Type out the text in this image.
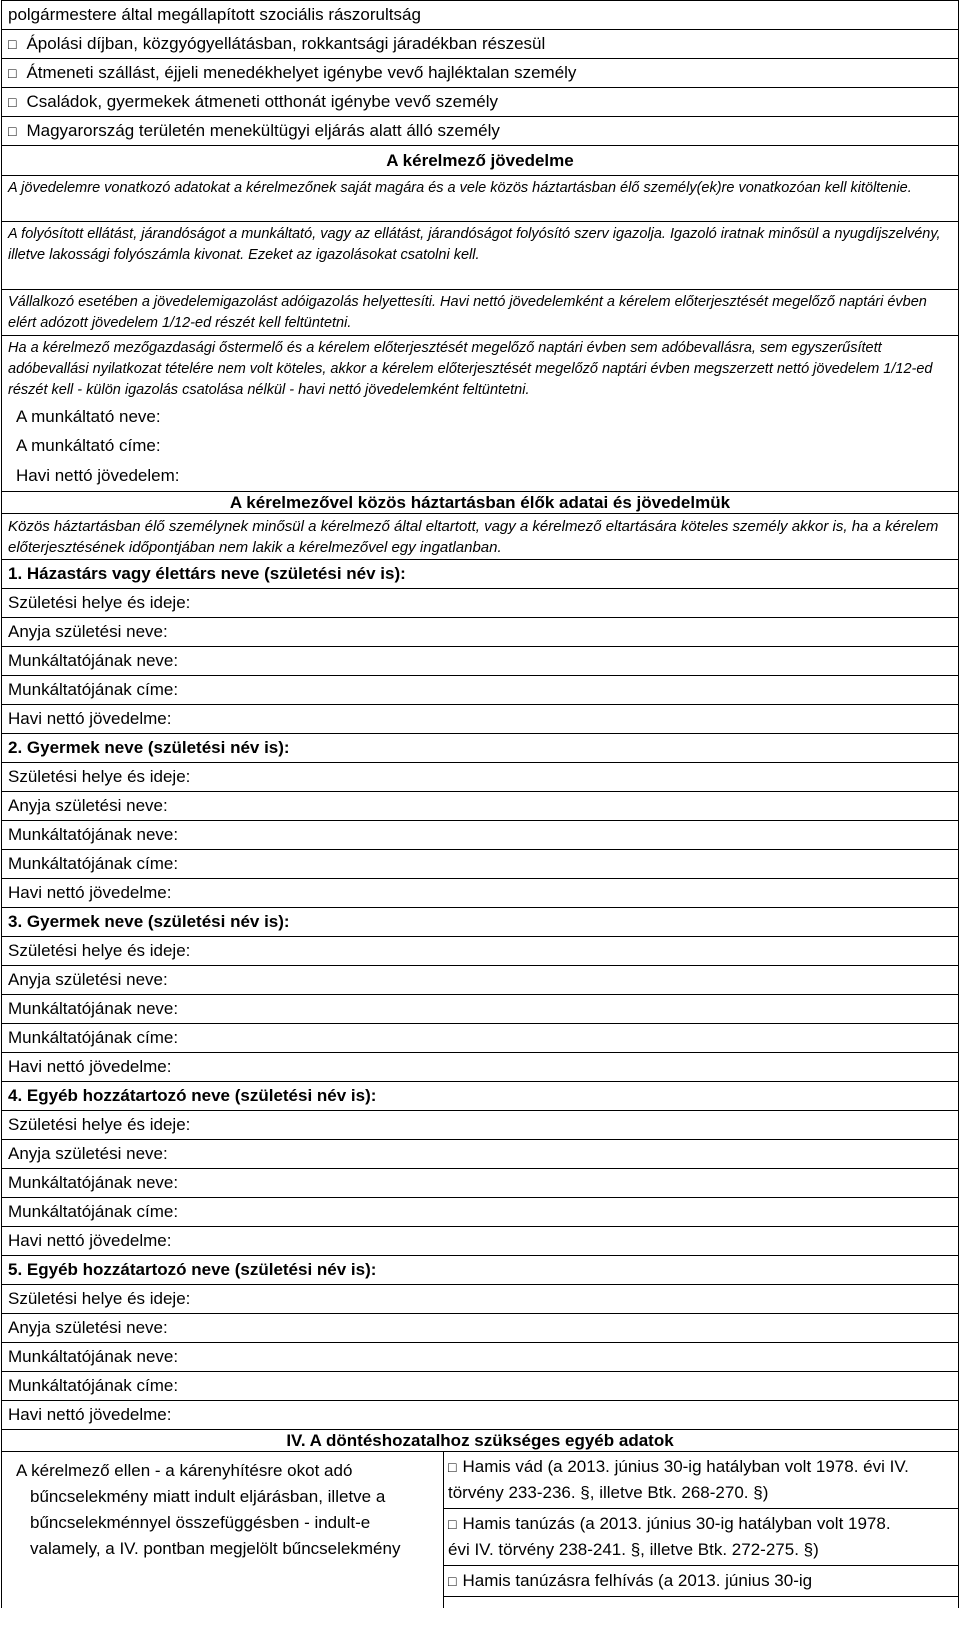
polgármestere által megállapított szociális rászorultság
□ Ápolási díjban, közgyógyellátásban, rokkantsági járadékban részesül
□ Átmeneti szállást, éjjeli menedékhelyet igénybe vevő hajléktalan személy
□ Családok, gyermekek átmeneti otthonát igénybe vevő személy
□ Magyarország területén menekültügyi eljárás alatt álló személy
A kérelmező jövedelme
A jövedelemre vonatkozó adatokat a kérelmezőnek saját magára és a vele közös háztartásban élő személy(ek)re vonatkozóan kell kitöltenie.
A folyósított ellátást, járandóságot a munkáltató, vagy az ellátást, járandóságot folyósító szerv igazolja. Igazoló iratnak minősül a nyugdíjszelvény, illetve lakossági folyószámla kivonat. Ezeket az igazolásokat csatolni kell.
Vállalkozó esetében a jövedelemigazolást adóigazolás helyettesíti. Havi nettó jövedelemként a kérelem előterjesztését megelőző naptári évben elért adózott jövedelem 1/12-ed részét kell feltüntetni.
Ha a kérelmező mezőgazdasági őstermelő és a kérelem előterjesztését megelőző naptári évben sem adóbevallásra, sem egyszerűsített adóbevallási nyilatkozat tételére nem volt köteles, akkor a kérelem előterjesztését megelőző naptári évben megszerzett nettó jövedelem 1/12-ed részét kell - külön igazolás csatolása nélkül - havi nettó jövedelemként feltüntetni.
A munkáltató neve:
A munkáltató címe:
Havi nettó jövedelem:
A kérelmezővel közös háztartásban élők adatai és jövedelmük
Közös háztartásban élő személynek minősül a kérelmező által eltartott, vagy a kérelmező eltartására köteles személy akkor is, ha a kérelem előterjesztésének időpontjában nem lakik a kérelmezővel egy ingatlanban.
1. Házastárs vagy élettárs neve (születési név is):
Születési helye és ideje:
Anyja születési neve:
Munkáltatójának neve:
Munkáltatójának címe:
Havi nettó jövedelme:
2. Gyermek neve (születési név is):
Születési helye és ideje:
Anyja születési neve:
Munkáltatójának neve:
Munkáltatójának címe:
Havi nettó jövedelme:
3. Gyermek neve (születési név is):
Születési helye és ideje:
Anyja születési neve:
Munkáltatójának neve:
Munkáltatójának címe:
Havi nettó jövedelme:
4. Egyéb hozzátartozó neve (születési név is):
Születési helye és ideje:
Anyja születési neve:
Munkáltatójának neve:
Munkáltatójának címe:
Havi nettó jövedelme:
5. Egyéb hozzátartozó neve (születési név is):
Születési helye és ideje:
Anyja születési neve:
Munkáltatójának neve:
Munkáltatójának címe:
Havi nettó jövedelme:
IV. A döntéshozatalhoz szükséges egyéb adatok
A kérelmező ellen - a kárenyhítésre okot adó
bűncselekmény miatt indult eljárásban, illetve a
bűncselekménnyel összefüggésben - indult-e
valamely, a IV. pontban megjelölt bűncselekmény
□ Hamis vád (a 2013. június 30-ig hatályban volt 1978. évi IV.
törvény 233-236. §, illetve Btk. 268-270. §)
□ Hamis tanúzás (a 2013. június 30-ig hatályban volt 1978.
évi IV. törvény 238-241. §, illetve Btk. 272-275. §)
□ Hamis tanúzásra felhívás (a 2013. június 30-ig
